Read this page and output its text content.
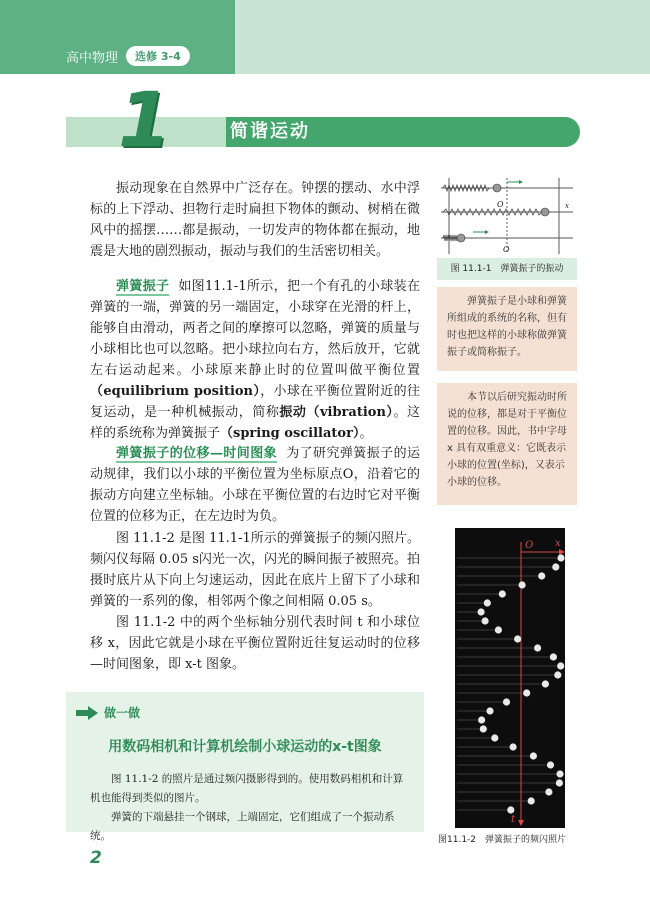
高中物理	选修 3-4
1	简谐运动

振动现象在自然界中广泛存在。钟摆的摆动、水中浮标的上下浮动、担物行走时扁担下物体的颤动、树梢在微风中的摇摆……都是振动，一切发声的物体都在振动，地震是大地的剧烈振动，振动与我们的生活密切相关。

弹簧振子 如图11.1-1所示，把一个有孔的小球装在弹簧的一端，弹簧的另一端固定，小球穿在光滑的杆上，能够自由滑动，两者之间的摩擦可以忽略，弹簧的质量与小球相比也可以忽略。把小球拉向右方，然后放开，它就左右运动起来。小球原来静止时的位置叫做平衡位置（equilibrium position），小球在平衡位置附近的往复运动，是一种机械振动，简称振动（vibration）。这样的系统称为弹簧振子（spring oscillator）。

弹簧振子的位移—时间图象 为了研究弹簧振子的运动规律，我们以小球的平衡位置为坐标原点O，沿着它的振动方向建立坐标轴。小球在平衡位置的右边时它对平衡位置的位移为正，在左边时为负。

图 11.1-2 是图 11.1-1所示的弹簧振子的频闪照片。频闪仪每隔 0.05 s闪光一次，闪光的瞬间振子被照亮。拍摄时底片从下向上匀速运动，因此在底片上留下了小球和弹簧的一系列的像，相邻两个像之间相隔 0.05 s。

图 11.1-2 中的两个坐标轴分别代表时间 t 和小球位移 x，因此它就是小球在平衡位置附近往复运动时的位移—时间图象，即 x-t 图象。

O	x
O
图 11.1-1　弹簧振子的振动

弹簧振子是小球和弹簧所组成的系统的名称，但有时也把这样的小球称做弹簧振子或简称振子。

本节以后研究振动时所说的位移，都是对于平衡位置的位移。因此，书中字母 x 具有双重意义：它既表示小球的位置(坐标)，又表示小球的位移。

O x
t
图11.1-2　弹簧振子的频闪照片
做一做
用数码相机和计算机绘制小球运动的x-t图象

图 11.1-2 的照片是通过频闪摄影得到的。使用数码相机和计算机也能得到类似的图片。

弹簧的下端悬挂一个钢球，上端固定，它们组成了一个振动系统。

2
